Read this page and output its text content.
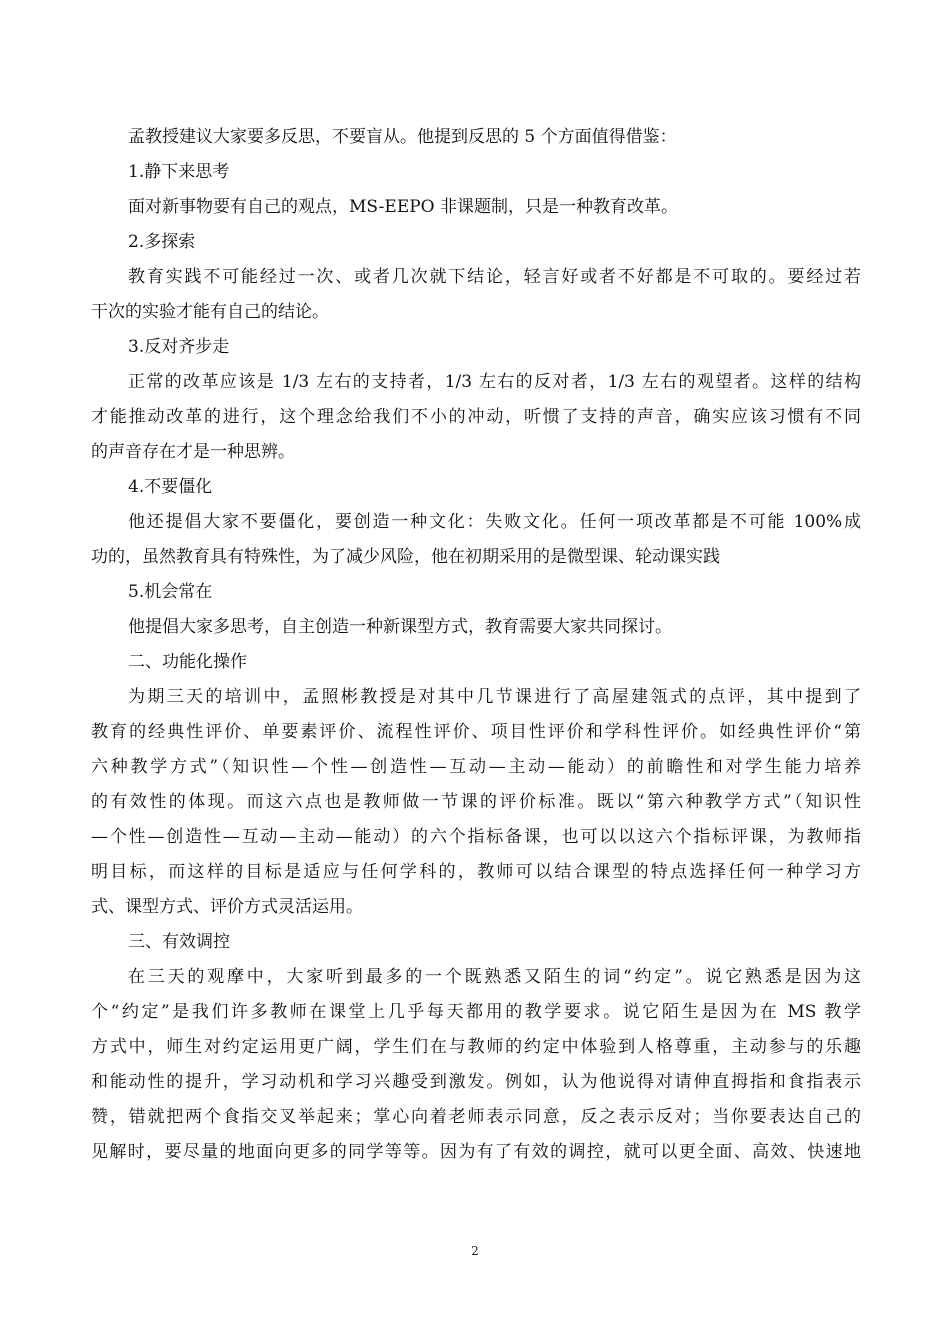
孟教授建议大家要多反思，不要盲从。他提到反思的 5 个方面值得借鉴：
1.静下来思考
面对新事物要有自己的观点，MS-EEPO 非课题制，只是一种教育改革。
2.多探索
教育实践不可能经过一次、或者几次就下结论，轻言好或者不好都是不可取的。要经过若
干次的实验才能有自己的结论。
3.反对齐步走
正常的改革应该是 1/3 左右的支持者，1/3 左右的反对者，1/3 左右的观望者。这样的结构
才能推动改革的进行，这个理念给我们不小的冲动，听惯了支持的声音，确实应该习惯有不同
的声音存在才是一种思辨。
4.不要僵化
他还提倡大家不要僵化，要创造一种文化：失败文化。任何一项改革都是不可能 100%成
功的，虽然教育具有特殊性，为了减少风险，他在初期采用的是微型课、轮动课实践
5.机会常在
他提倡大家多思考，自主创造一种新课型方式，教育需要大家共同探讨。
二、功能化操作
为期三天的培训中，孟照彬教授是对其中几节课进行了高屋建瓴式的点评，其中提到了
教育的经典性评价、单要素评价、流程性评价、项目性评价和学科性评价。如经典性评价“第
六种教学方式”（知识性—个性—创造性—互动—主动—能动）的前瞻性和对学生能力培养
的有效性的体现。而这六点也是教师做一节课的评价标准。既以“第六种教学方式”（知识性
—个性—创造性—互动—主动—能动）的六个指标备课，也可以以这六个指标评课，为教师指
明目标，而这样的目标是适应与任何学科的，教师可以结合课型的特点选择任何一种学习方
式、课型方式、评价方式灵活运用。
三、有效调控
在三天的观摩中，大家听到最多的一个既熟悉又陌生的词“约定”。说它熟悉是因为这
个“约定”是我们许多教师在课堂上几乎每天都用的教学要求。说它陌生是因为在 MS 教学
方式中，师生对约定运用更广阔，学生们在与教师的约定中体验到人格尊重，主动参与的乐趣
和能动性的提升，学习动机和学习兴趣受到激发。例如，认为他说得对请伸直拇指和食指表示
赞，错就把两个食指交叉举起来；掌心向着老师表示同意，反之表示反对；当你要表达自己的
见解时，要尽量的地面向更多的同学等等。因为有了有效的调控，就可以更全面、高效、快速地
2
